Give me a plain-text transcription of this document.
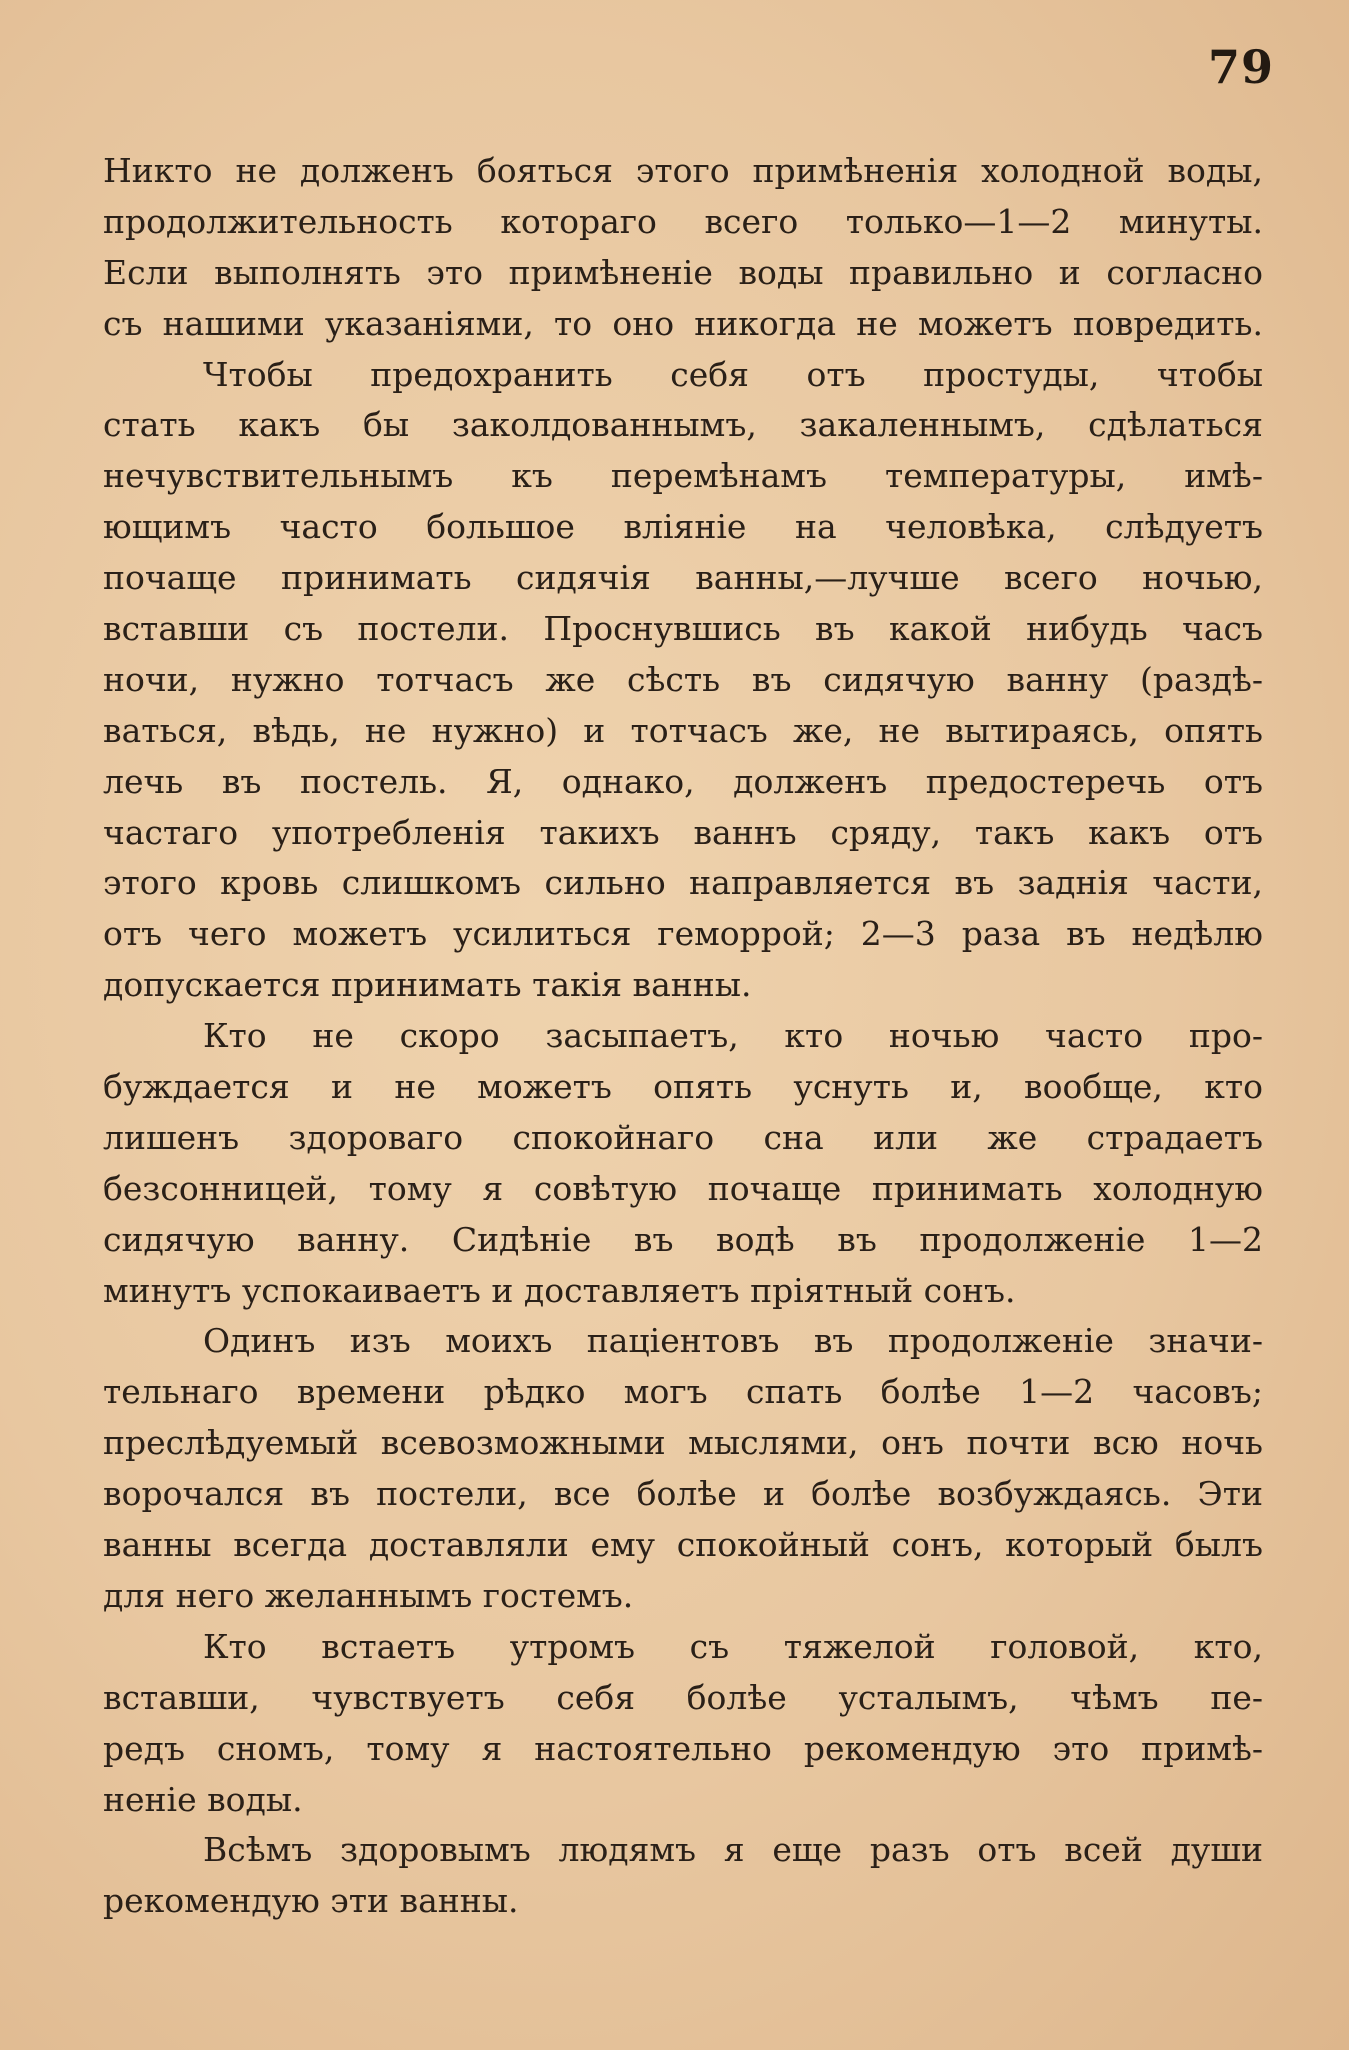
79
Никто не долженъ бояться этого примѣненія холодной воды,
продолжительность котораго всего только—1—2 минуты.
Если выполнять это примѣненіе воды правильно и согласно
съ нашими указаніями, то оно никогда не можетъ повредить.
Чтобы предохранить себя отъ простуды, чтобы
стать какъ бы заколдованнымъ, закаленнымъ, сдѣлаться
нечувствительнымъ къ перемѣнамъ температуры, имѣ-
ющимъ часто большое вліяніе на человѣка, слѣдуетъ
почаще принимать сидячія ванны,—лучше всего ночью,
вставши съ постели. Проснувшись въ какой нибудь часъ
ночи, нужно тотчасъ же сѣсть въ сидячую ванну (раздѣ-
ваться, вѣдь, не нужно) и тотчасъ же, не вытираясь, опять
лечь въ постель. Я, однако, долженъ предостеречь отъ
частаго употребленія такихъ ваннъ сряду, такъ какъ отъ
этого кровь слишкомъ сильно направляется въ заднія части,
отъ чего можетъ усилиться геморрой; 2—3 раза въ недѣлю
допускается принимать такія ванны.
Кто не скоро засыпаетъ, кто ночью часто про-
буждается и не можетъ опять уснуть и, вообще, кто
лишенъ здороваго спокойнаго сна или же страдаетъ
безсонницей, тому я совѣтую почаще принимать холодную
сидячую ванну. Сидѣніе въ водѣ въ продолженіе 1—2
минутъ успокаиваетъ и доставляетъ пріятный сонъ.
Одинъ изъ моихъ паціентовъ въ продолженіе значи-
тельнаго времени рѣдко могъ спать болѣе 1—2 часовъ;
преслѣдуемый всевозможными мыслями, онъ почти всю ночь
ворочался въ постели, все болѣе и болѣе возбуждаясь. Эти
ванны всегда доставляли ему спокойный сонъ, который былъ
для него желаннымъ гостемъ.
Кто встаетъ утромъ съ тяжелой головой, кто,
вставши, чувствуетъ себя болѣе усталымъ, чѣмъ пе-
редъ сномъ, тому я настоятельно рекомендую это примѣ-
неніе воды.
Всѣмъ здоровымъ людямъ я еще разъ отъ всей души
рекомендую эти ванны.
